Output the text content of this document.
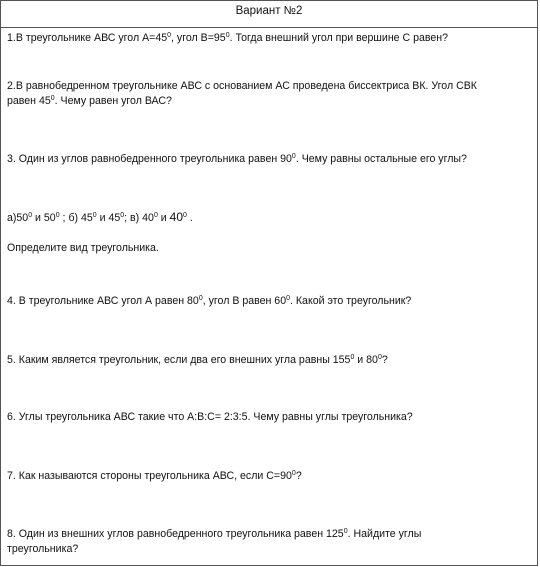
Вариант №2
1.В треугольнике АВС угол $А=45^0$, угол $В=95^0$. Тогда внешний угол при вершине С равен?
2.В равнобедренном треугольнике АВС с основанием АС проведена биссектриса ВК. Угол СВК
равен $45^0$. Чему равен угол ВАС?
3. Один из углов равнобедренного треугольника равен $90^0$. Чему равны остальные его углы?
$а)50^0$ и $50^0$ ; б) $45^0$ и $45^0$; в) $40^0$ и $40^0$ .
Определите вид треугольника.
4. В треугольнике АВС угол А равен $80^0$, угол В равен $60^0$. Какой это треугольник?
5. Каким является треугольник, если два его внешних угла равны $155^0$ и $80^0$?
6. Углы треугольника АВС такие что А:В:С= 2:3:5. Чему равны углы треугольника?
7. Как называются стороны треугольника АВС, если $С=90^0$?
8. Один из внешних углов равнобедренного треугольника равен $125^0$. Найдите углы
треугольника?
